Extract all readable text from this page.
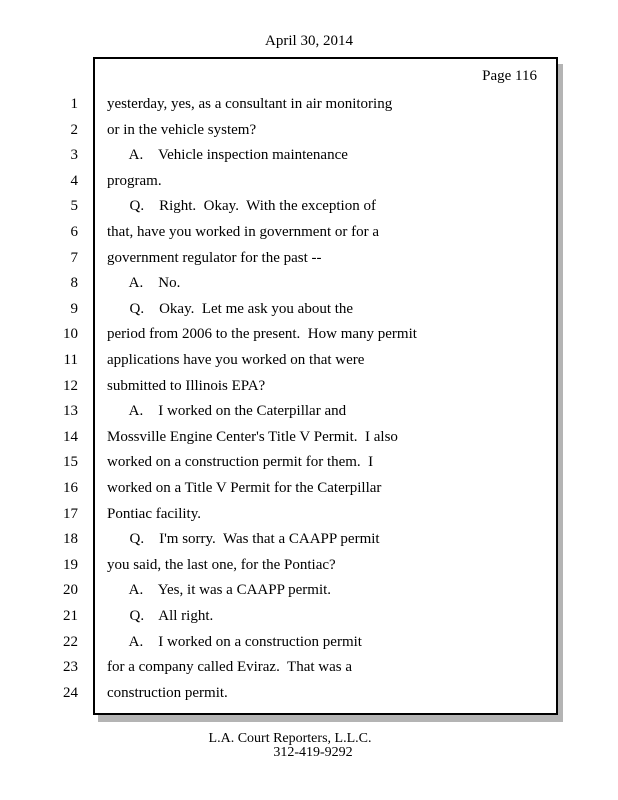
April 30, 2014
Page 116
1 yesterday, yes, as a consultant in air monitoring
2 or in the vehicle system?
3 A.    Vehicle inspection maintenance
4 program.
5 Q.    Right.  Okay.  With the exception of
6 that, have you worked in government or for a
7 government regulator for the past --
8 A.    No.
9 Q.    Okay.  Let me ask you about the
10 period from 2006 to the present.  How many permit
11 applications have you worked on that were
12 submitted to Illinois EPA?
13 A.    I worked on the Caterpillar and
14 Mossville Engine Center's Title V Permit.  I also
15 worked on a construction permit for them.  I
16 worked on a Title V Permit for the Caterpillar
17 Pontiac facility.
18 Q.    I'm sorry.  Was that a CAAPP permit
19 you said, the last one, for the Pontiac?
20 A.    Yes, it was a CAAPP permit.
21 Q.    All right.
22 A.    I worked on a construction permit
23 for a company called Eviraz.  That was a
24 construction permit.
L.A. Court Reporters, L.L.C.
312-419-9292
